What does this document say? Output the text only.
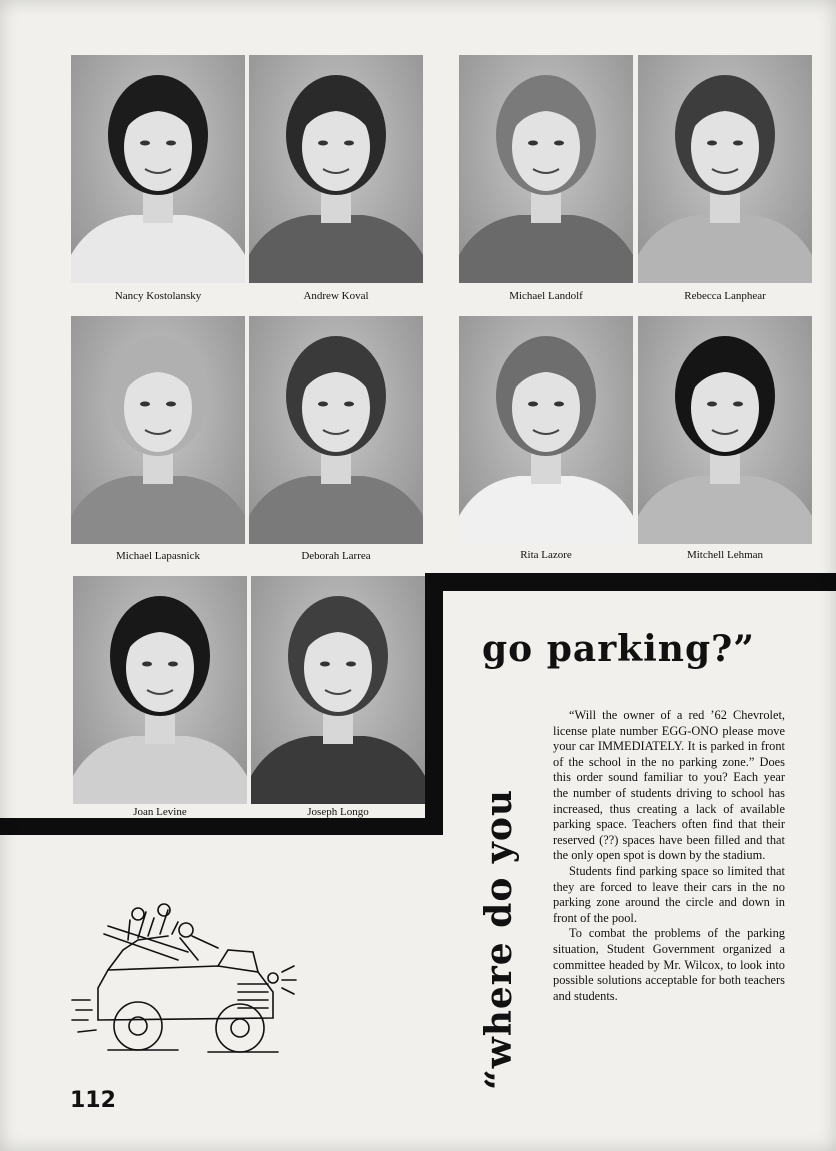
Nancy Kostolansky	Andrew Koval	Michael Landolf	Rebecca Lanphear
Michael Lapasnick	Deborah Larrea	Rita Lazore	Mitchell Lehman
Joan Levine	Joseph Longo	“where do you
go parking?”

“Will the owner of a red ’62 Chevrolet, license plate number EGG-ONO please move your car IMMEDIATELY. It is parked in front of the school in the no parking zone.” Does this order sound familiar to you? Each year the number of students driving to school has increased, thus creating a lack of available parking space. Teachers often find that their reserved (??) spaces have been filled and that the only open spot is down by the stadium.

Students find parking space so limited that they are forced to leave their cars in the no parking zone around the circle and down in front of the pool.

To combat the problems of the parking situation, Student Government organized a committee headed by Mr. Wilcox, to look into possible solutions acceptable for both teachers and students.

112
